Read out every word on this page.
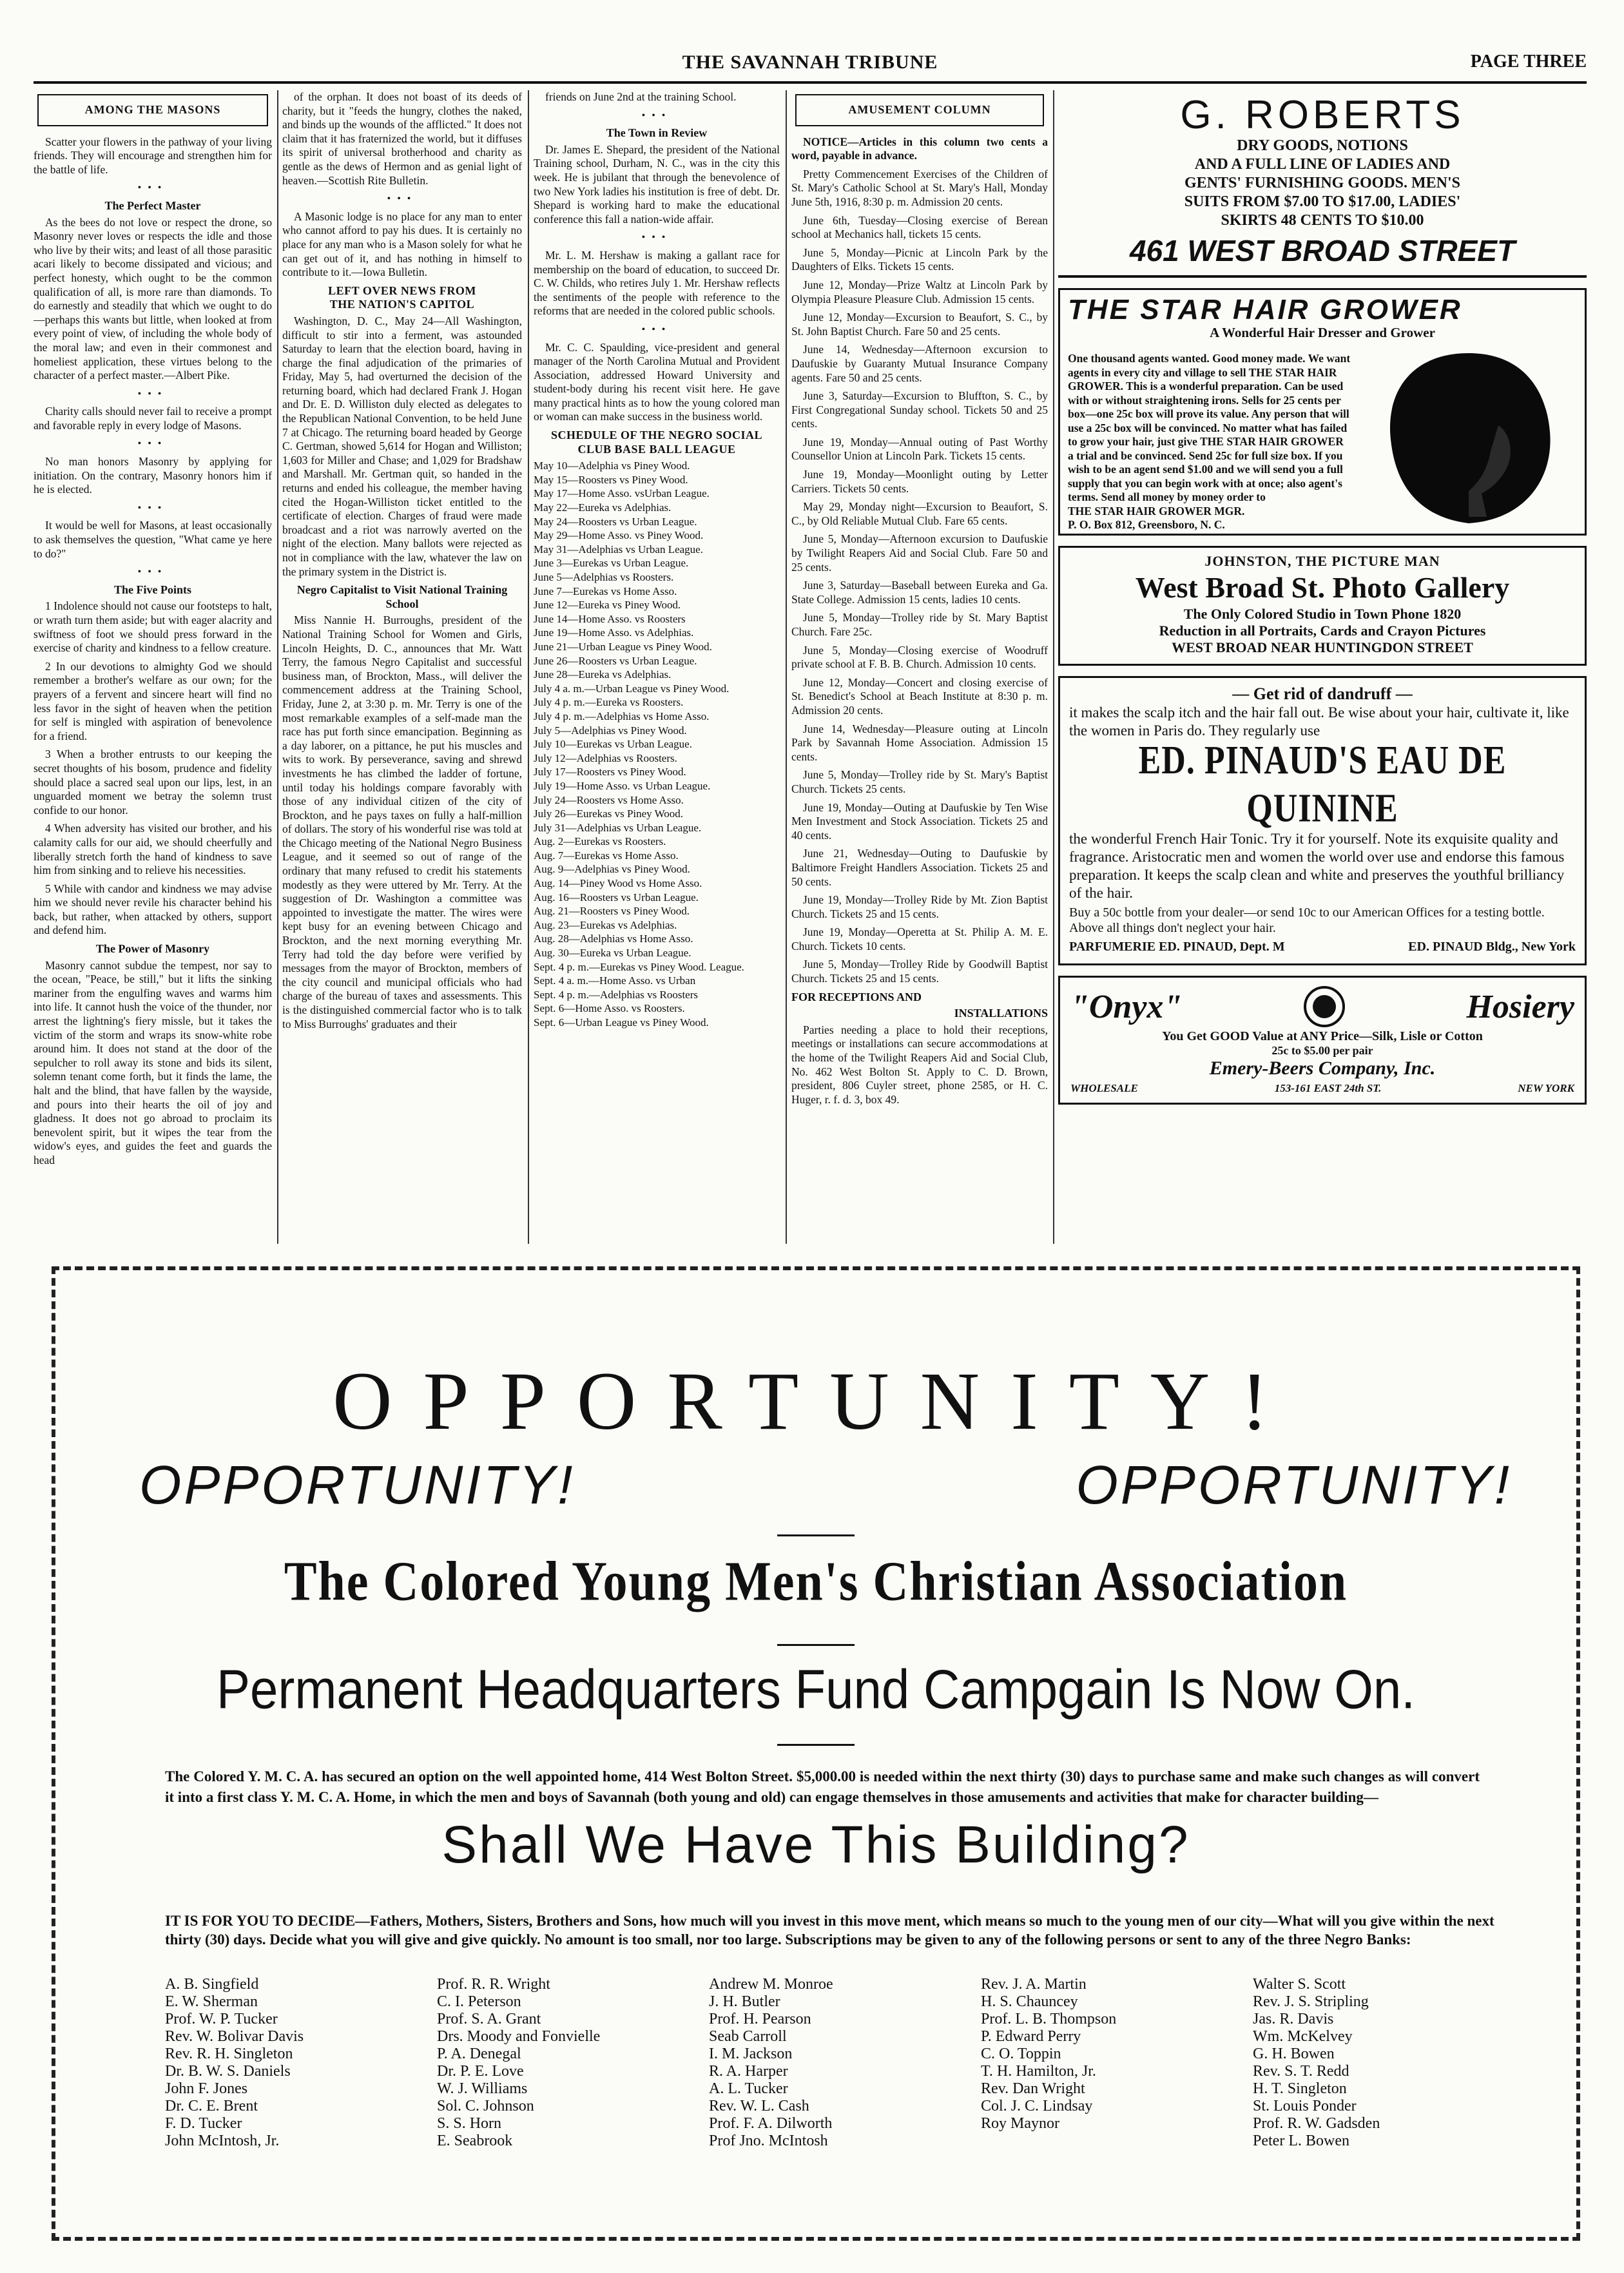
THE SAVANNAH TRIBUNE	PAGE THREE
AMONG THE MASONS

Scatter your flowers in the pathway of your living friends. They will encourage and strengthen him for the battle of life.

•••
The Perfect Master

As the bees do not love or respect the drone, so Masonry never loves or respects the idle and those who live by their wits; and least of all those parasitic acari likely to become dissipated and vicious; and perfect honesty, which ought to be the common qualification of all, is more rare than diamonds. To do earnestly and steadily that which we ought to do—perhaps this wants but little, when looked at from every point of view, of including the whole body of the moral law; and even in their commonest and homeliest application, these virtues belong to the character of a perfect master.—Albert Pike.

•••

Charity calls should never fail to receive a prompt and favorable reply in every lodge of Masons.

•••

No man honors Masonry by applying for initiation. On the contrary, Masonry honors him if he is elected.

•••

It would be well for Masons, at least occasionally to ask themselves the question, "What came ye here to do?"

•••
The Five Points

1 Indolence should not cause our footsteps to halt, or wrath turn them aside; but with eager alacrity and swiftness of foot we should press forward in the exercise of charity and kindness to a fellow creature.

2 In our devotions to almighty God we should remember a brother's welfare as our own; for the prayers of a fervent and sincere heart will find no less favor in the sight of heaven when the petition for self is mingled with aspiration of benevolence for a friend.

3 When a brother entrusts to our keeping the secret thoughts of his bosom, prudence and fidelity should place a sacred seal upon our lips, lest, in an unguarded moment we betray the solemn trust confide to our honor.

4 When adversity has visited our brother, and his calamity calls for our aid, we should cheerfully and liberally stretch forth the hand of kindness to save him from sinking and to relieve his necessities.

5 While with candor and kindness we may advise him we should never revile his character behind his back, but rather, when attacked by others, support and defend him.

The Power of Masonry

Masonry cannot subdue the tempest, nor say to the ocean, "Peace, be still," but it lifts the sinking mariner from the engulfing waves and warms him into life. It cannot hush the voice of the thunder, nor arrest the lightning's fiery missle, but it takes the victim of the storm and wraps its snow-white robe around him. It does not stand at the door of the sepulcher to roll away its stone and bids its silent, solemn tenant come forth, but it finds the lame, the halt and the blind, that have fallen by the wayside, and pours into their hearts the oil of joy and gladness. It does not go abroad to proclaim its benevolent spirit, but it wipes the tear from the widow's eyes, and guides the feet and guards the head

of the orphan. It does not boast of its deeds of charity, but it "feeds the hungry, clothes the naked, and binds up the wounds of the afflicted." It does not claim that it has fraternized the world, but it diffuses its spirit of universal brotherhood and charity as gentle as the dews of Hermon and as genial light of heaven.—Scottish Rite Bulletin.

•••

A Masonic lodge is no place for any man to enter who cannot afford to pay his dues. It is certainly no place for any man who is a Mason solely for what he can get out of it, and has nothing in himself to contribute to it.—Iowa Bulletin.

LEFT OVER NEWS FROM
THE NATION'S CAPITOL

Washington, D. C., May 24—All Washington, difficult to stir into a ferment, was astounded Saturday to learn that the election board, having in charge the final adjudication of the primaries of Friday, May 5, had overturned the decision of the returning board, which had declared Frank J. Hogan and Dr. E. D. Williston duly elected as delegates to the Republican National Convention, to be held June 7 at Chicago. The returning board headed by George C. Gertman, showed 5,614 for Hogan and Williston; 1,603 for Miller and Chase; and 1,029 for Bradshaw and Marshall. Mr. Gertman quit, so handed in the returns and ended his colleague, the member having cited the Hogan-Williston ticket entitled to the certificate of election. Charges of fraud were made broadcast and a riot was narrowly averted on the night of the election. Many ballots were rejected as not in compliance with the law, whatever the law on the primary system in the District is.

Negro Capitalist to Visit National Training School

Miss Nannie H. Burroughs, president of the National Training School for Women and Girls, Lincoln Heights, D. C., announces that Mr. Watt Terry, the famous Negro Capitalist and successful business man, of Brockton, Mass., will deliver the commencement address at the Training School, Friday, June 2, at 3:30 p. m. Mr. Terry is one of the most remarkable examples of a self-made man the race has put forth since emancipation. Beginning as a day laborer, on a pittance, he put his muscles and wits to work. By perseverance, saving and shrewd investments he has climbed the ladder of fortune, until today his holdings compare favorably with those of any individual citizen of the city of Brockton, and he pays taxes on fully a half-million of dollars. The story of his wonderful rise was told at the Chicago meeting of the National Negro Business League, and it seemed so out of range of the ordinary that many refused to credit his statements modestly as they were uttered by Mr. Terry. At the suggestion of Dr. Washington a committee was appointed to investigate the matter. The wires were kept busy for an evening between Chicago and Brockton, and the next morning everything Mr. Terry had told the day before were verified by messages from the mayor of Brockton, members of the city council and municipal officials who had charge of the bureau of taxes and assessments. This is the distinguished commercial factor who is to talk to Miss Burroughs' graduates and their

friends on June 2nd at the training School.

•••
The Town in Review

Dr. James E. Shepard, the president of the National Training school, Durham, N. C., was in the city this week. He is jubilant that through the benevolence of two New York ladies his institution is free of debt. Dr. Shepard is working hard to make the educational conference this fall a nation-wide affair.

•••

Mr. L. M. Hershaw is making a gallant race for membership on the board of education, to succeed Dr. C. W. Childs, who retires July 1. Mr. Hershaw reflects the sentiments of the people with reference to the reforms that are needed in the colored public schools.

•••

Mr. C. C. Spaulding, vice-president and general manager of the North Carolina Mutual and Provident Association, addressed Howard University and student-body during his recent visit here. He gave many practical hints as to how the young colored man or woman can make success in the business world.

SCHEDULE OF THE NEGRO SOCIAL CLUB BASE BALL LEAGUE
May 10—Adelphia vs Piney Wood.
May 15—Roosters vs Piney Wood.
May 17—Home Asso. vsUrban League.
May 22—Eureka vs Adelphias.
May 24—Roosters vs Urban League.
May 29—Home Asso. vs Piney Wood.
May 31—Adelphias vs Urban League.
June 3—Eurekas vs Urban League.
June 5—Adelphias vs Roosters.
June 7—Eurekas vs Home Asso.
June 12—Eureka vs Piney Wood.
June 14—Home Asso. vs Roosters
June 19—Home Asso. vs Adelphias.
June 21—Urban League vs Piney Wood.
June 26—Roosters vs Urban League.
June 28—Eureka vs Adelphias.
July 4 a. m.—Urban League vs Piney Wood.
July 4 p. m.—Eureka vs Roosters.
July 4 p. m.—Adelphias vs Home Asso.
July 5—Adelphias vs Piney Wood.
July 10—Eurekas vs Urban League.
July 12—Adelphias vs Roosters.
July 17—Roosters vs Piney Wood.
July 19—Home Asso. vs Urban League.
July 24—Roosters vs Home Asso.
July 26—Eurekas vs Piney Wood.
July 31—Adelphias vs Urban League.
Aug. 2—Eurekas vs Roosters.
Aug. 7—Eurekas vs Home Asso.
Aug. 9—Adelphias vs Piney Wood.
Aug. 14—Piney Wood vs Home Asso.
Aug. 16—Roosters vs Urban League.
Aug. 21—Roosters vs Piney Wood.
Aug. 23—Eurekas vs Adelphias.
Aug. 28—Adelphias vs Home Asso.
Aug. 30—Eureka vs Urban League.
Sept. 4 p. m.—Eurekas vs Piney Wood. League.
Sept. 4 a. m.—Home Asso. vs Urban
Sept. 4 p. m.—Adelphias vs Roosters
Sept. 6—Home Asso. vs Roosters.
Sept. 6—Urban League vs Piney Wood.
AMUSEMENT COLUMN

NOTICE—Articles in this column two cents a word, payable in advance.

Pretty Commencement Exercises of the Children of St. Mary's Catholic School at St. Mary's Hall, Monday June 5th, 1916, 8:30 p. m. Admission 20 cents.

June 6th, Tuesday—Closing exercise of Berean school at Mechanics hall, tickets 15 cents.

June 5, Monday—Picnic at Lincoln Park by the Daughters of Elks. Tickets 15 cents.

June 12, Monday—Prize Waltz at Lincoln Park by Olympia Pleasure Pleasure Club. Admission 15 cents.

June 12, Monday—Excursion to Beaufort, S. C., by St. John Baptist Church. Fare 50 and 25 cents.

June 14, Wednesday—Afternoon excursion to Daufuskie by Guaranty Mutual Insurance Company agents. Fare 50 and 25 cents.

June 3, Saturday—Excursion to Bluffton, S. C., by First Congregational Sunday school. Tickets 50 and 25 cents.

June 19, Monday—Annual outing of Past Worthy Counsellor Union at Lincoln Park. Tickets 15 cents.

June 19, Monday—Moonlight outing by Letter Carriers. Tickets 50 cents.

May 29, Monday night—Excursion to Beaufort, S. C., by Old Reliable Mutual Club. Fare 65 cents.

June 5, Monday—Afternoon excursion to Daufuskie by Twilight Reapers Aid and Social Club. Fare 50 and 25 cents.

June 3, Saturday—Baseball between Eureka and Ga. State College. Admission 15 cents, ladies 10 cents.

June 5, Monday—Trolley ride by St. Mary Baptist Church. Fare 25c.

June 5, Monday—Closing exercise of Woodruff private school at F. B. B. Church. Admission 10 cents.

June 12, Monday—Concert and closing exercise of St. Benedict's School at Beach Institute at 8:30 p. m. Admission 20 cents.

June 14, Wednesday—Pleasure outing at Lincoln Park by Savannah Home Association. Admission 15 cents.

June 5, Monday—Trolley ride by St. Mary's Baptist Church. Tickets 25 cents.

June 19, Monday—Outing at Daufuskie by Ten Wise Men Investment and Stock Association. Tickets 25 and 40 cents.

June 21, Wednesday—Outing to Daufuskie by Baltimore Freight Handlers Association. Tickets 25 and 50 cents.

June 19, Monday—Trolley Ride by Mt. Zion Baptist Church. Tickets 25 and 15 cents.

June 19, Monday—Operetta at St. Philip A. M. E. Church. Tickets 10 cents.

June 5, Monday—Trolley Ride by Goodwill Baptist Church. Tickets 25 and 15 cents.

FOR RECEPTIONS AND
INSTALLATIONS

Parties needing a place to hold their receptions, meetings or installations can secure accommodations at the home of the Twilight Reapers Aid and Social Club, No. 462 West Bolton St. Apply to C. D. Brown, president, 806 Cuyler street, phone 2585, or H. C. Huger, r. f. d. 3, box 49.

G. ROBERTS
DRY GOODS, NOTIONS
AND A FULL LINE OF LADIES AND
GENTS' FURNISHING GOODS. MEN'S
SUITS FROM $7.00 TO $17.00, LADIES'
SKIRTS 48 CENTS TO $10.00
461 WEST BROAD STREET
THE STAR HAIR GROWER
A Wonderful Hair Dresser and Grower
One thousand agents wanted. Good money made. We want agents in every city and village to sell THE STAR HAIR GROWER. This is a wonderful preparation. Can be used with or without straightening irons. Sells for 25 cents per box—one 25c box will prove its value. Any person that will use a 25c box will be convinced. No matter what has failed to grow your hair, just give THE STAR HAIR GROWER a trial and be convinced. Send 25c for full size box. If you wish to be an agent send $1.00 and we will send you a full supply that you can begin work with at once; also agent's terms. Send all money by money order to
THE STAR HAIR GROWER MGR.
P. O. Box 812, Greensboro, N. C.
JOHNSTON, THE PICTURE MAN
West Broad St. Photo Gallery
The Only Colored Studio in Town Phone 1820
Reduction in all Portraits, Cards and Crayon Pictures
WEST BROAD NEAR HUNTINGDON STREET
— Get rid of dandruff —
it makes the scalp itch and the hair fall out. Be wise about your hair, cultivate it, like the women in Paris do. They regularly use
ED. PINAUD'S EAU DE QUININE
the wonderful French Hair Tonic. Try it for yourself. Note its exquisite quality and fragrance. Aristocratic men and women the world over use and endorse this famous preparation. It keeps the scalp clean and white and preserves the youthful brilliancy of the hair.
Buy a 50c bottle from your dealer—or send 10c to our American Offices for a testing bottle. Above all things don't neglect your hair.
PARFUMERIE ED. PINAUD, Dept. M	ED. PINAUD Bldg., New York
"Onyx"	Hosiery
You Get GOOD Value at ANY Price—Silk, Lisle or Cotton
25c to $5.00 per pair
Emery-Beers Company, Inc.
WHOLESALE	153-161 EAST 24th ST.	NEW YORK
OPPORTUNITY!
OPPORTUNITY!	OPPORTUNITY!
The Colored Young Men's Christian Association
Permanent Headquarters Fund Campgain Is Now On.
The Colored Y. M. C. A. has secured an option on the well appointed home, 414 West Bolton Street. $5,000.00 is needed within the next thirty (30) days to purchase same and make such changes as will convert it into a first class Y. M. C. A. Home, in which the men and boys of Savannah (both young and old) can engage themselves in those amusements and activities that make for character building—
Shall We Have This Building?
IT IS FOR YOU TO DECIDE—Fathers, Mothers, Sisters, Brothers and Sons, how much will you invest in this move ment, which means so much to the young men of our city—What will you give within the next thirty (30) days. Decide what you will give and give quickly. No amount is too small, nor too large. Subscriptions may be given to any of the following persons or sent to any of the three Negro Banks:
A. B. Singfield
E. W. Sherman
Prof. W. P. Tucker
Rev. W. Bolivar Davis
Rev. R. H. Singleton
Dr. B. W. S. Daniels
John F. Jones
Dr. C. E. Brent
F. D. Tucker
John McIntosh, Jr.
Prof. R. R. Wright
C. I. Peterson
Prof. S. A. Grant
Drs. Moody and Fonvielle
P. A. Denegal
Dr. P. E. Love
W. J. Williams
Sol. C. Johnson
S. S. Horn
E. Seabrook
Andrew M. Monroe
J. H. Butler
Prof. H. Pearson
Seab Carroll
I. M. Jackson
R. A. Harper
A. L. Tucker
Rev. W. L. Cash
Prof. F. A. Dilworth
Prof Jno. McIntosh
Rev. J. A. Martin
H. S. Chauncey
Prof. L. B. Thompson
P. Edward Perry
C. O. Toppin
T. H. Hamilton, Jr.
Rev. Dan Wright
Col. J. C. Lindsay
Roy Maynor
Walter S. Scott
Rev. J. S. Stripling
Jas. R. Davis
Wm. McKelvey
G. H. Bowen
Rev. S. T. Redd
H. T. Singleton
St. Louis Ponder
Prof. R. W. Gadsden
Peter L. Bowen
